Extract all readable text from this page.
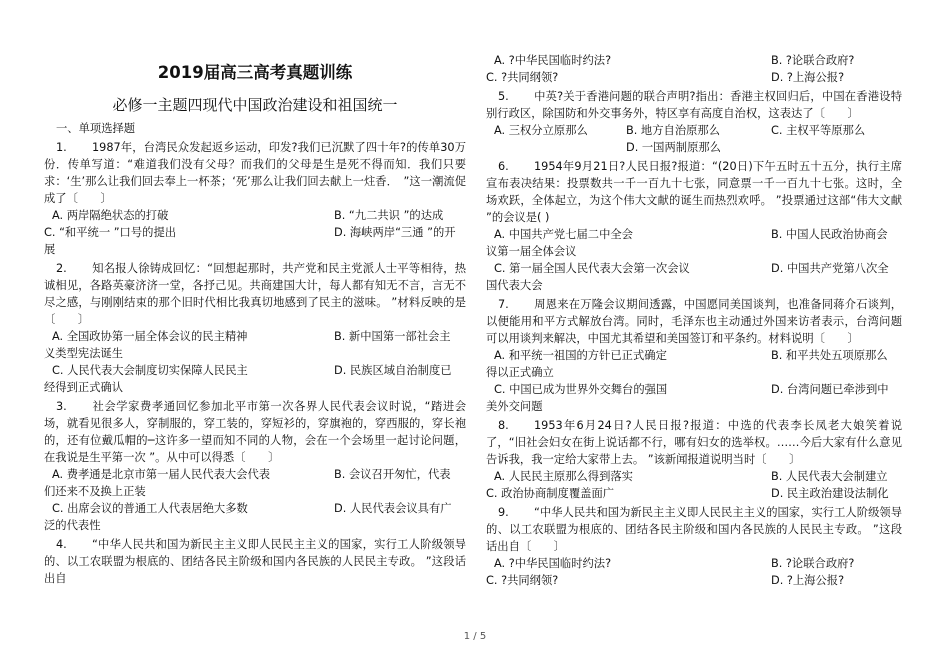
2019届高三高考真题训练
必修一主题四现代中国政治建设和祖国统一
一、单项选择题

1. 1987年，台湾民众发起返乡运动，印发?我们已沉默了四十年?的传单30万份．传单写道：“难道我们没有父母？而我们的父母是生是死不得而知．我们只要求：‘生’那么让我们回去奉上一杯茶；‘死’那么让我们回去献上一炷香．　”这一潮流促成了〔　　〕

A. 两岸隔绝状态的打破	B. “九二共识 ”的达成
C. “和平统一 ”口号的提出	D. 海峡两岸“三通 ”的开
展

2. 知名报人徐铸成回忆：“回想起那时，共产党和民主党派人士平等相待，热诚相见，各路英豪济济一堂，各抒己见。共商建国大计，每人都有知无不言，言无不尽之感，与刚刚结束的那个旧时代相比我真切地感到了民主的滋味。 ”材料反映的是〔　　〕

A. 全国政协第一届全体会议的民主精神	B. 新中国第一部社会主
义类型宪法诞生
C. 人民代表大会制度切实保障人民民主	D. 民族区域自治制度已
经得到正式确认

3. 社会学家费孝通回忆参加北平市第一次各界人民代表会议时说，“踏进会场，就看见很多人，穿制服的，穿工装的，穿短衫的，穿旗袍的，穿西服的，穿长袍的，还有位戴瓜帽的─这许多一望而知不同的人物，会在一个会场里一起讨论问题，在我说是生平第一次 ”。从中可以得悉〔　　〕

A. 费孝通是北京市第一届人民代表大会代表	B. 会议召开匆忙，代表
们还来不及换上正装
C. 出席会议的普通工人代表居绝大多数	D. 人民代表会议具有广
泛的代表性

4. “中华人民共和国为新民主主义即人民民主主义的国家，实行工人阶级领导的、以工农联盟为根底的、团结各民主阶级和国内各民族的人民民主专政。 ”这段话出自

A. ?中华民国临时约法?	B. ?论联合政府?
C. ?共同纲领?	D. ?上海公报?

5. 中英?关于香港问题的联合声明?指出：香港主权回归后，中国在香港设特别行政区，除国防和外交事务外，特区享有高度自治权，这表达了〔　　〕

A. 三权分立原那么	B. 地方自治原那么	C. 主权平等原那么
D. 一国两制原那么

6. 1954年9月21日?人民日报?报道：“(20日)下午五时五十五分，执行主席宣布表决结果：投票数共一千一百九十七张，同意票一千一百九十七张。这时，全场欢跃，全体起立，为这个伟大文献的诞生而热烈欢呼。 ”投票通过这部“伟大文献 ”的会议是( )

A. 中国共产党七届二中全会	B. 中国人民政治协商会
议第一届全体会议
C. 第一届全国人民代表大会第一次会议	D. 中国共产党第八次全
国代表大会

7. 周恩来在万隆会议期间透露，中国愿同美国谈判，也准备同蒋介石谈判，以便能用和平方式解放台湾。同时，毛泽东也主动通过外国来访者表示，台湾问题可以用谈判来解决，中国尤其希望和美国签订和平条约。材料说明〔　　〕

A. 和平统一祖国的方针已正式确定	B. 和平共处五项原那么
得以正式确立
C. 中国已成为世界外交舞台的强国	D. 台湾问题已牵涉到中
美外交问题

8. 1953年6月24日?人民日报?报道：中选的代表李长凤老大娘笑着说了，“旧社会妇女在街上说话都不行，哪有妇女的选举权。……今后大家有什么意见告诉我，我一定给大家带上去。 ”该新闻报道说明当时〔　　〕

A. 人民民主原那么得到落实	B. 人民代表大会制建立
C. 政治协商制度覆盖面广	D. 民主政治建设法制化

9. “中华人民共和国为新民主主义即人民民主主义的国家，实行工人阶级领导的、以工农联盟为根底的、团结各民主阶级和国内各民族的人民民主专政。 ”这段话出自〔　　〕

A. ?中华民国临时约法?	B. ?论联合政府?
C. ?共同纲领?	D. ?上海公报?
1 / 5
